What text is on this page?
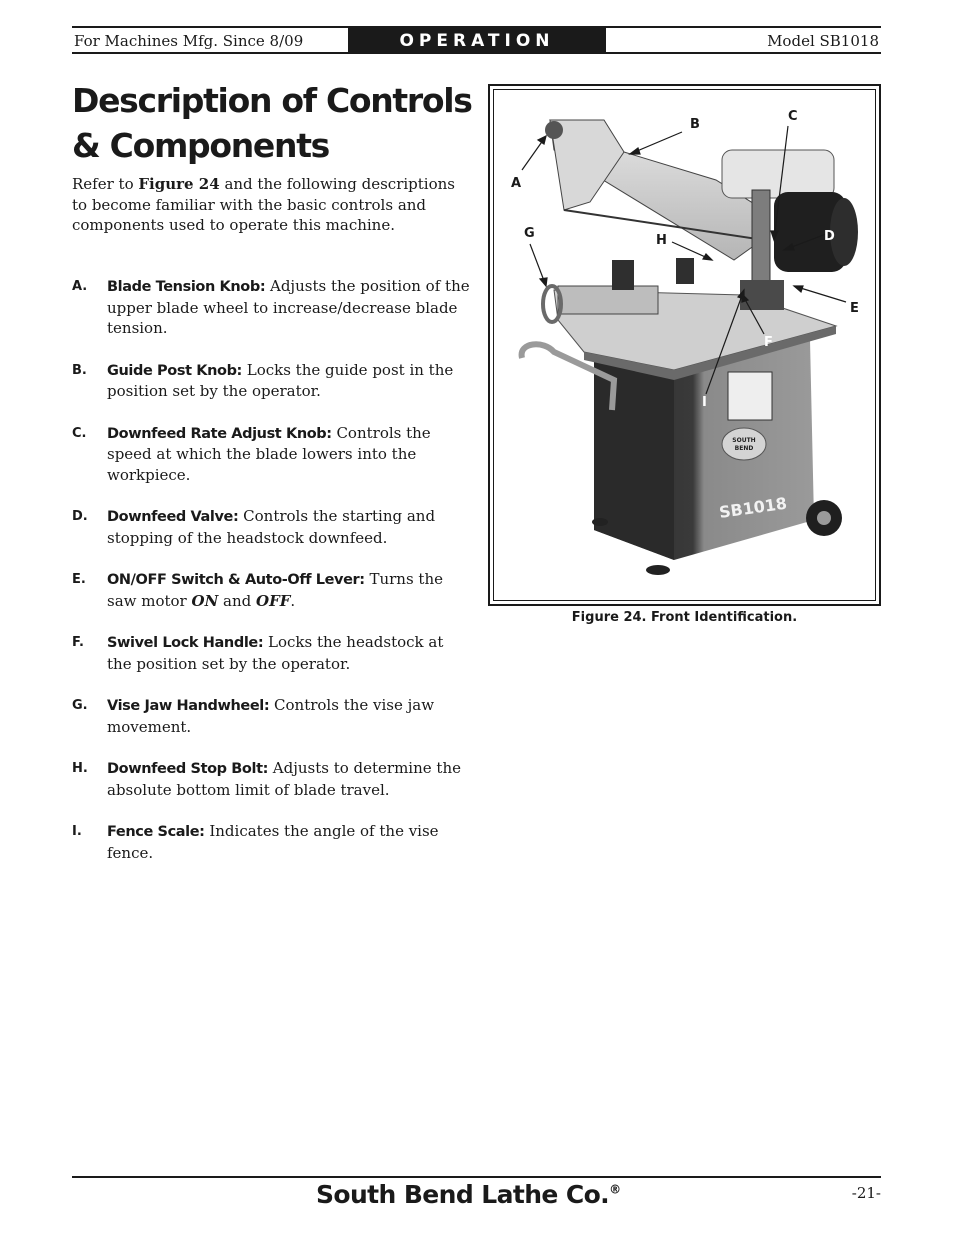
For Machines Mfg. Since 8/09	OPERATION	Model SB1018
Description of Controls
& Components

Refer to Figure 24 and the following descriptions to become familiar with the basic controls and components used to operate this machine.

A. Blade Tension Knob: Adjusts the position of the upper blade wheel to increase/decrease blade tension.
B. Guide Post Knob: Locks the guide post in the position set by the operator.
C. Downfeed Rate Adjust Knob: Controls the speed at which the blade lowers into the workpiece.
D. Downfeed Valve: Controls the starting and stopping of the headstock downfeed.
E. ON/OFF Switch & Auto-Off Lever: Turns the saw motor ON and OFF.
F. Swivel Lock Handle: Locks the headstock at the position set by the operator.
G. Vise Jaw Handwheel: Controls the vise jaw movement.
H. Downfeed Stop Bolt: Adjusts to determine the absolute bottom limit of blade travel.
I. Fence Scale: Indicates the angle of the vise fence.
SOUTH
BEND
SB1018
A
B
C
D
E
F
G	H
I
Figure 24. Front Identification.
South Bend Lathe Co.®	-21-
